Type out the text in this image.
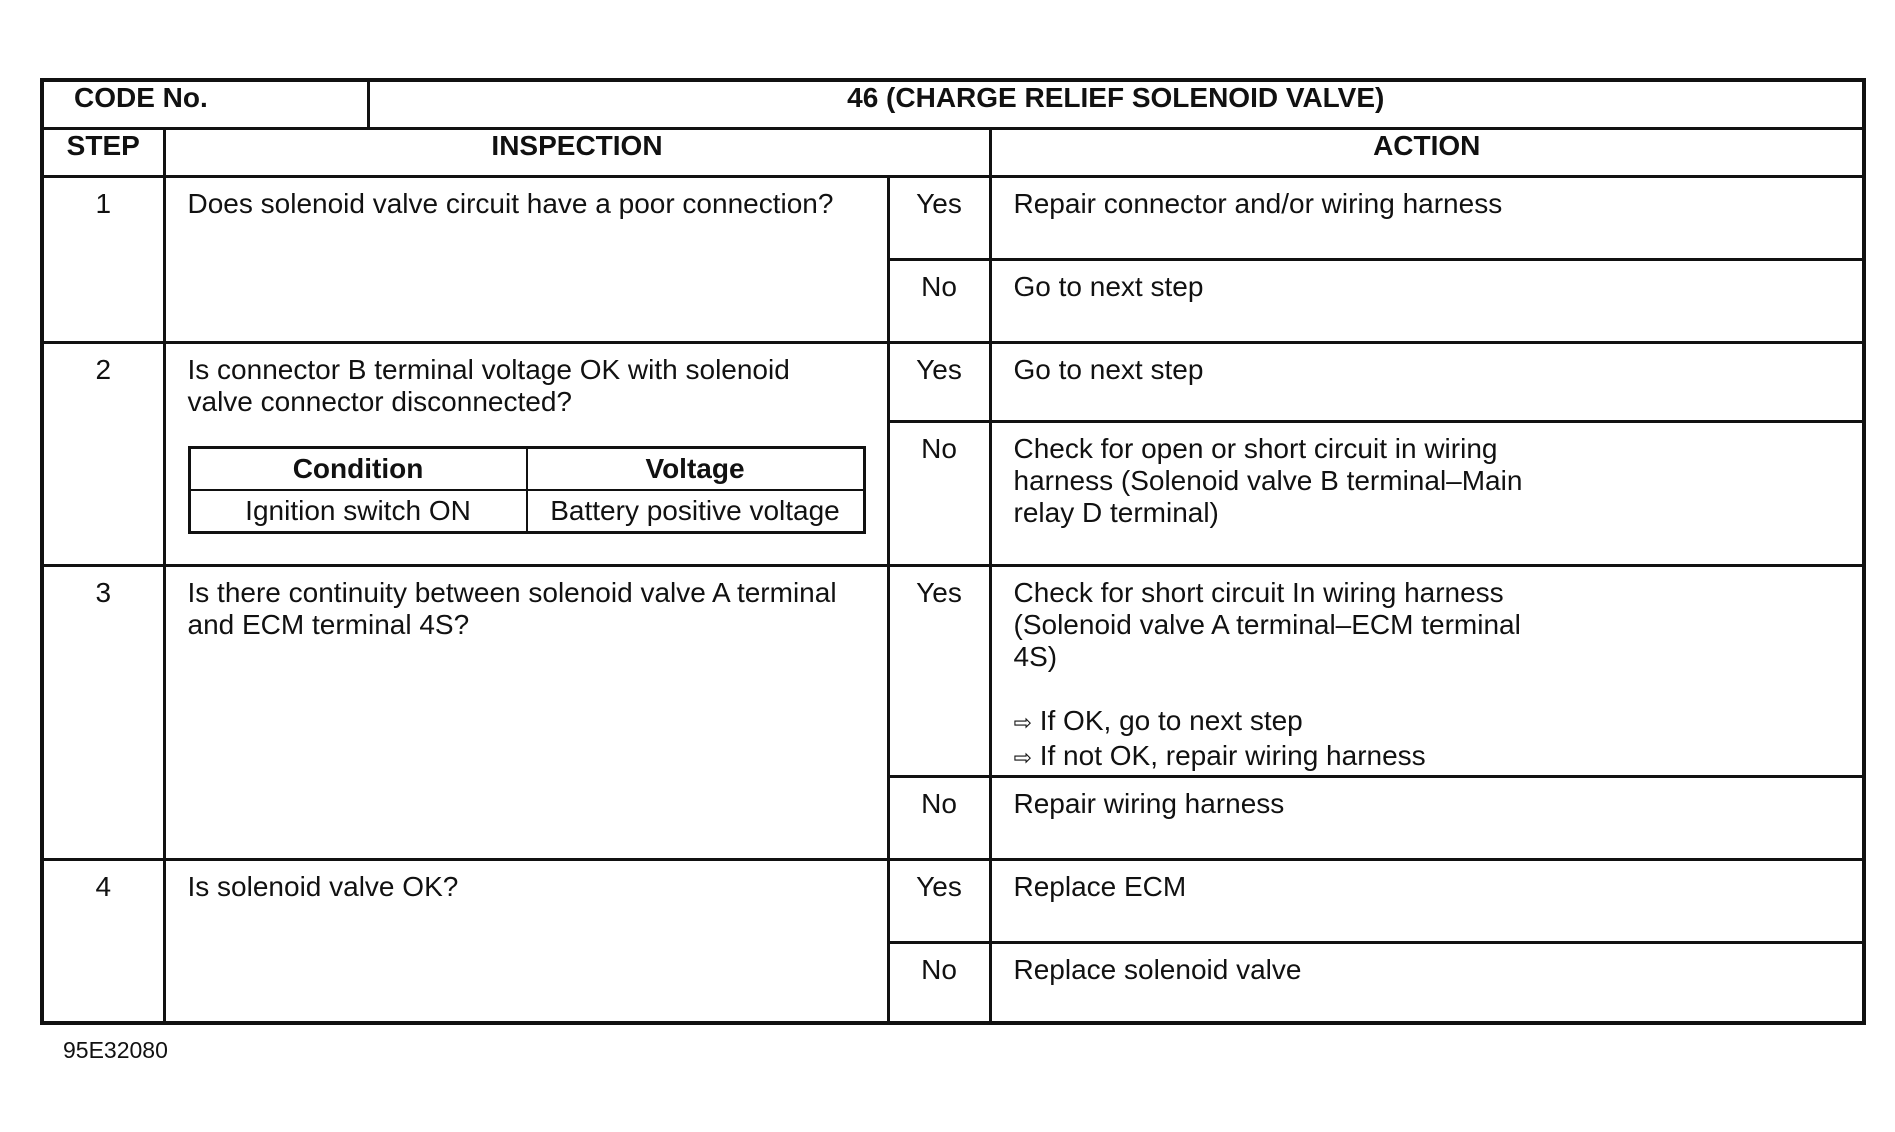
CODE No.	46 (CHARGE RELIEF SOLENOID VALVE)
STEP	INSPECTION	ACTION
1	Does solenoid valve circuit have a poor connection?	Yes	Repair connector and/or wiring harness
No	Go to next step
2	Is connector B terminal voltage OK with solenoid valve connector disconnected?
Condition	Voltage
Ignition switch ON	Battery positive voltage
	Yes	Go to next step
No	Check for open or short circuit in wiring
harness (Solenoid valve B terminal–Main
relay D terminal)

3	Is there continuity between solenoid valve A terminal and ECM terminal 4S?	Yes	Check for short circuit In wiring harness
(Solenoid valve A terminal–ECM terminal
4S)
⇨ If OK, go to next step
⇨ If not OK, repair wiring harness

No	Repair wiring harness
4	Is solenoid valve OK?	Yes	Replace ECM
No	Replace solenoid valve
95E32080
